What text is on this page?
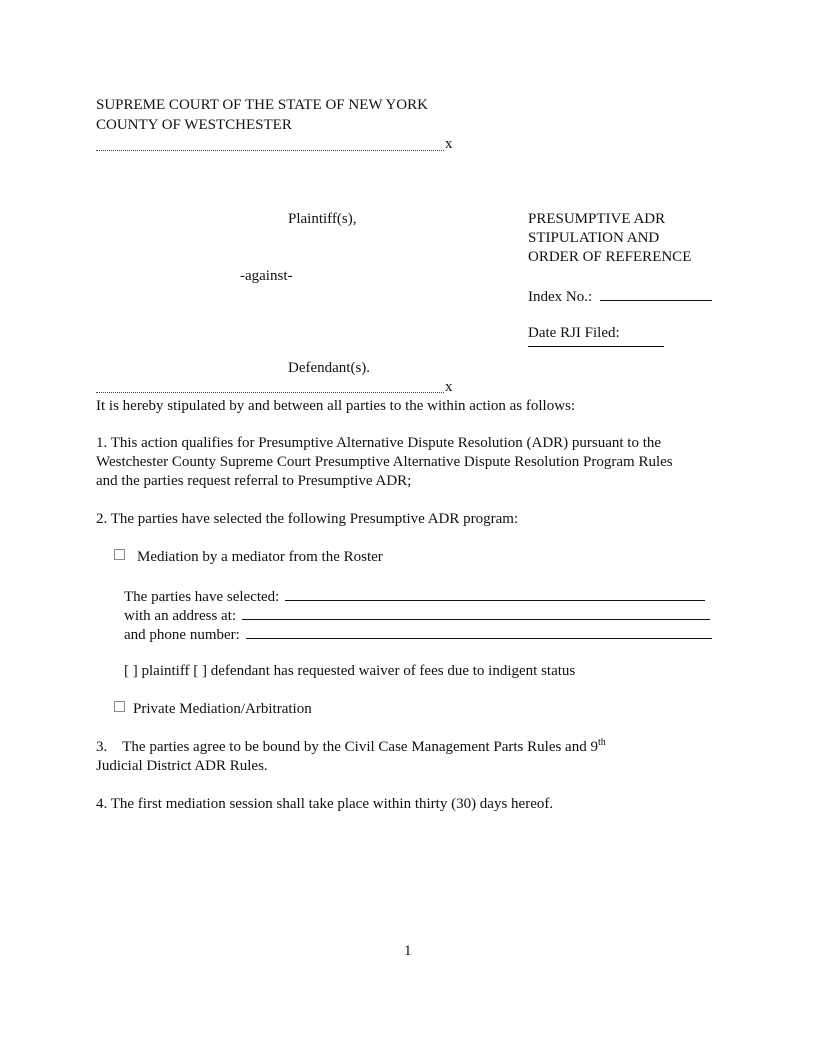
SUPREME COURT OF THE STATE OF NEW YORK
COUNTY OF WESTCHESTER
x
Plaintiff(s),
-against-
Defendant(s).
x
PRESUMPTIVE ADR
STIPULATION AND
ORDER OF REFERENCE
Index No.:
Date RJI Filed:
It is hereby stipulated by and between all parties to the within action as follows:
1. This action qualifies for Presumptive Alternative Dispute Resolution (ADR) pursuant to the
Westchester County Supreme Court Presumptive Alternative Dispute Resolution Program Rules
and the parties request referral to Presumptive ADR;
2. The parties have selected the following Presumptive ADR program:
Mediation by a mediator from the Roster
The parties have selected:
with an address at:
and phone number:
[ ] plaintiff [ ] defendant has requested waiver of fees due to indigent status
Private Mediation/Arbitration
3. The parties agree to be bound by the Civil Case Management Parts Rules and 9th
Judicial District ADR Rules.
4. The first mediation session shall take place within thirty (30) days hereof.
1
